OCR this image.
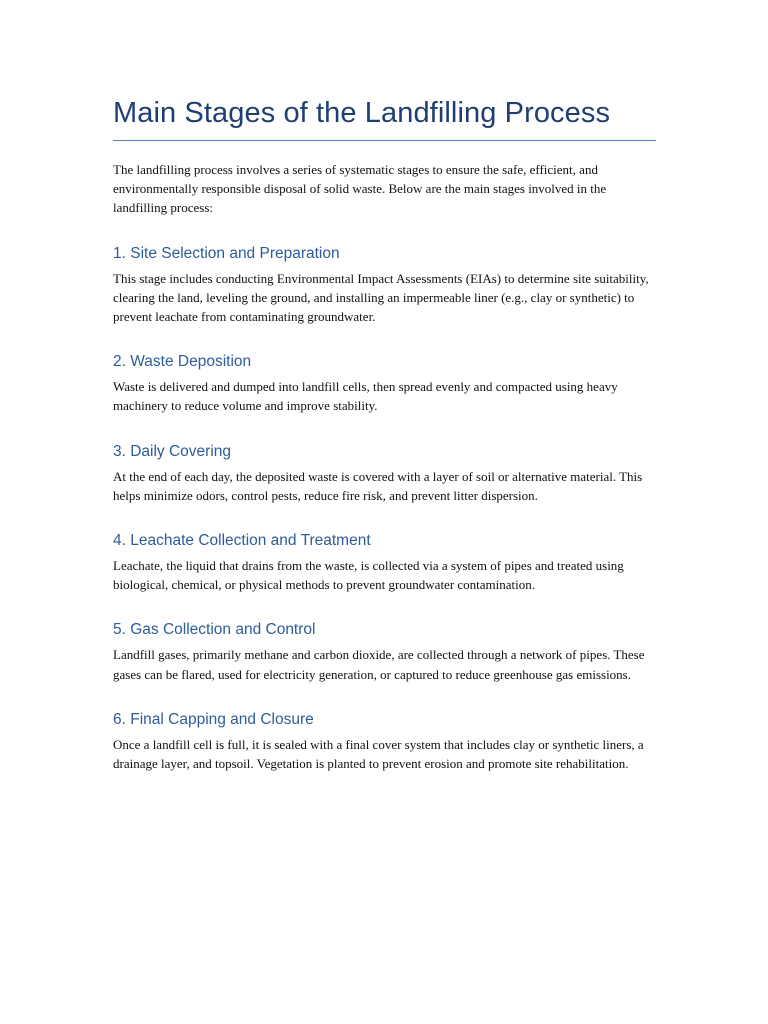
Main Stages of the Landfilling Process

The landfilling process involves a series of systematic stages to ensure the safe, efficient, and environmentally responsible disposal of solid waste. Below are the main stages involved in the landfilling process:

1. Site Selection and Preparation

This stage includes conducting Environmental Impact Assessments (EIAs) to determine site suitability, clearing the land, leveling the ground, and installing an impermeable liner (e.g., clay or synthetic) to prevent leachate from contaminating groundwater.

2. Waste Deposition

Waste is delivered and dumped into landfill cells, then spread evenly and compacted using heavy machinery to reduce volume and improve stability.

3. Daily Covering

At the end of each day, the deposited waste is covered with a layer of soil or alternative material. This helps minimize odors, control pests, reduce fire risk, and prevent litter dispersion.

4. Leachate Collection and Treatment

Leachate, the liquid that drains from the waste, is collected via a system of pipes and treated using biological, chemical, or physical methods to prevent groundwater contamination.

5. Gas Collection and Control

Landfill gases, primarily methane and carbon dioxide, are collected through a network of pipes. These gases can be flared, used for electricity generation, or captured to reduce greenhouse gas emissions.

6. Final Capping and Closure

Once a landfill cell is full, it is sealed with a final cover system that includes clay or synthetic liners, a drainage layer, and topsoil. Vegetation is planted to prevent erosion and promote site rehabilitation.
